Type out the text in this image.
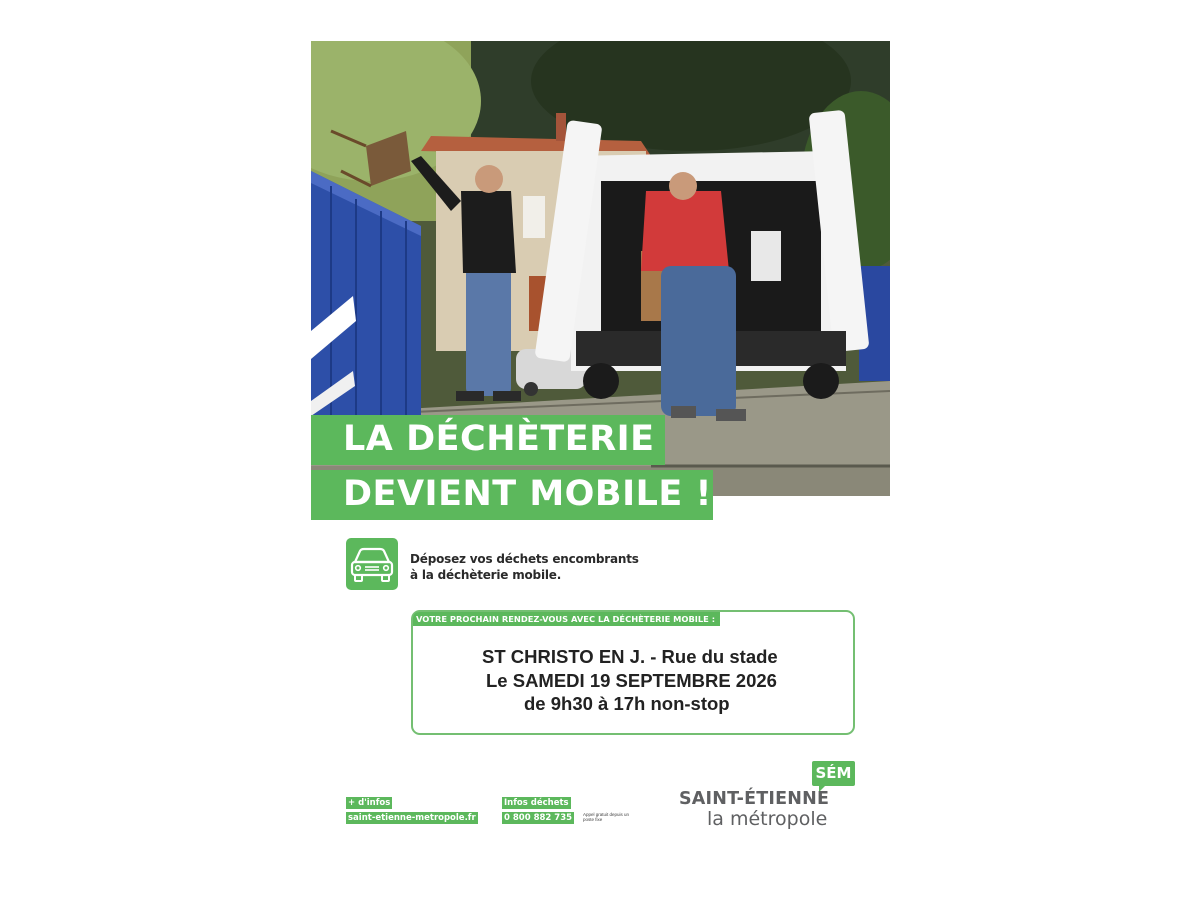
LA DÉCHÈTERIE
DEVIENT MOBILE !
Déposez vos déchets encombrants
à la déchèterie mobile.
VOTRE PROCHAIN RENDEZ-VOUS AVEC LA DÉCHÈTERIE MOBILE :
ST CHRISTO EN J. - Rue du stade
Le SAMEDI 19 SEPTEMBRE 2026
de 9h30 à 17h non-stop
+ d'infos
saint-etienne-metropole.fr
Infos déchets
0 800 882 735	Appel gratuit depuis un poste fixe
SÉM
SAINT-ÉTIENNE
la métropole
